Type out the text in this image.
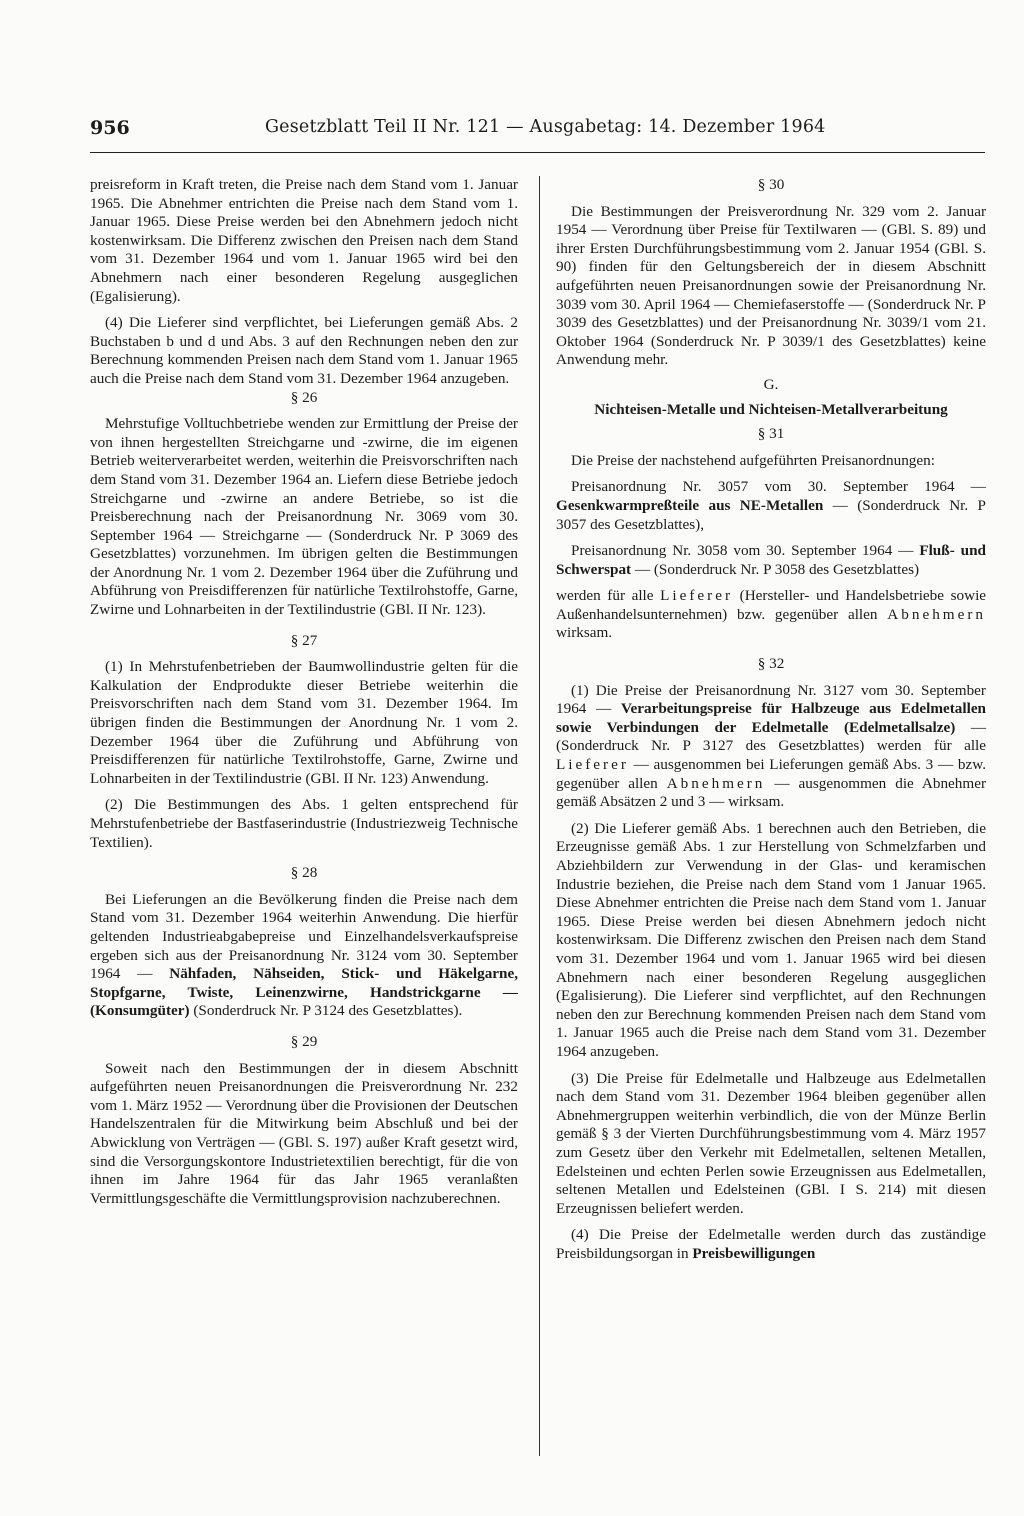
956	Gesetzblatt Teil II Nr. 121 — Ausgabetag: 14. Dezember 1964

preisreform in Kraft treten, die Preise nach dem Stand vom 1. Januar 1965. Die Abnehmer entrichten die Preise nach dem Stand vom 1. Januar 1965. Diese Preise werden bei den Abnehmern jedoch nicht kostenwirksam. Die Differenz zwischen den Preisen nach dem Stand vom 31. Dezember 1964 und vom 1. Januar 1965 wird bei den Abnehmern nach einer besonderen Regelung ausgeglichen (Egalisierung).

(4) Die Lieferer sind verpflichtet, bei Lieferungen gemäß Abs. 2 Buchstaben b und d und Abs. 3 auf den Rechnungen neben den zur Berechnung kommenden Preisen nach dem Stand vom 1. Januar 1965 auch die Preise nach dem Stand vom 31. Dezember 1964 anzugeben.

§ 26

Mehrstufige Volltuchbetriebe wenden zur Ermittlung der Preise der von ihnen hergestellten Streichgarne und -zwirne, die im eigenen Betrieb weiterverarbeitet werden, weiterhin die Preisvorschriften nach dem Stand vom 31. Dezember 1964 an. Liefern diese Betriebe jedoch Streichgarne und -zwirne an andere Betriebe, so ist die Preisberechnung nach der Preisanordnung Nr. 3069 vom 30. September 1964 — Streichgarne — (Sonderdruck Nr. P 3069 des Gesetzblattes) vorzunehmen. Im übrigen gelten die Bestimmungen der Anordnung Nr. 1 vom 2. Dezember 1964 über die Zuführung und Abführung von Preisdifferenzen für natürliche Textilrohstoffe, Garne, Zwirne und Lohnarbeiten in der Textilindustrie (GBl. II Nr. 123).

§ 27

(1) In Mehrstufenbetrieben der Baumwollindustrie gelten für die Kalkulation der Endprodukte dieser Betriebe weiterhin die Preisvorschriften nach dem Stand vom 31. Dezember 1964. Im übrigen finden die Bestimmungen der Anordnung Nr. 1 vom 2. Dezember 1964 über die Zuführung und Abführung von Preisdifferenzen für natürliche Textilrohstoffe, Garne, Zwirne und Lohnarbeiten in der Textilindustrie (GBl. II Nr. 123) Anwendung.

(2) Die Bestimmungen des Abs. 1 gelten entsprechend für Mehrstufenbetriebe der Bastfaserindustrie (Industriezweig Technische Textilien).

§ 28

Bei Lieferungen an die Bevölkerung finden die Preise nach dem Stand vom 31. Dezember 1964 weiterhin Anwendung. Die hierfür geltenden Industrieabgabepreise und Einzelhandelsverkaufspreise ergeben sich aus der Preisanordnung Nr. 3124 vom 30. September 1964 — Nähfaden, Nähseiden, Stick- und Häkelgarne, Stopfgarne, Twiste, Leinenzwirne, Handstrickgarne — (Konsumgüter) (Sonderdruck Nr. P 3124 des Gesetzblattes).

§ 29

Soweit nach den Bestimmungen der in diesem Abschnitt aufgeführten neuen Preisanordnungen die Preisverordnung Nr. 232 vom 1. März 1952 — Verordnung über die Provisionen der Deutschen Handelszentralen für die Mitwirkung beim Abschluß und bei der Abwicklung von Verträgen — (GBl. S. 197) außer Kraft gesetzt wird, sind die Versorgungskontore Industrietextilien berechtigt, für die von ihnen im Jahre 1964 für das Jahr 1965 veranlaßten Vermittlungsgeschäfte die Vermittlungsprovision nachzuberechnen.

§ 30

Die Bestimmungen der Preisverordnung Nr. 329 vom 2. Januar 1954 — Verordnung über Preise für Textilwaren — (GBl. S. 89) und ihrer Ersten Durchführungsbestimmung vom 2. Januar 1954 (GBl. S. 90) finden für den Geltungsbereich der in diesem Abschnitt aufgeführten neuen Preisanordnungen sowie der Preisanordnung Nr. 3039 vom 30. April 1964 — Chemiefaserstoffe — (Sonderdruck Nr. P 3039 des Gesetzblattes) und der Preisanordnung Nr. 3039/1 vom 21. Oktober 1964 (Sonderdruck Nr. P 3039/1 des Gesetzblattes) keine Anwendung mehr.

G.
Nichteisen-Metalle und Nichteisen-Metallverarbeitung
§ 31

Die Preise der nachstehend aufgeführten Preisanordnungen:

Preisanordnung Nr. 3057 vom 30. September 1964 — Gesenkwarmpreßteile aus NE-Metallen — (Sonderdruck Nr. P 3057 des Gesetzblattes),

Preisanordnung Nr. 3058 vom 30. September 1964 — Fluß- und Schwerspat — (Sonderdruck Nr. P 3058 des Gesetzblattes)

werden für alle Lieferer (Hersteller- und Handelsbetriebe sowie Außenhandelsunternehmen) bzw. gegenüber allen Abnehmern wirksam.

§ 32

(1) Die Preise der Preisanordnung Nr. 3127 vom 30. September 1964 — Verarbeitungspreise für Halbzeuge aus Edelmetallen sowie Verbindungen der Edelmetalle (Edelmetallsalze) — (Sonderdruck Nr. P 3127 des Gesetzblattes) werden für alle Lieferer — ausgenommen bei Lieferungen gemäß Abs. 3 — bzw. gegenüber allen Abnehmern — ausgenommen die Abnehmer gemäß Absätzen 2 und 3 — wirksam.

(2) Die Lieferer gemäß Abs. 1 berechnen auch den Betrieben, die Erzeugnisse gemäß Abs. 1 zur Herstellung von Schmelzfarben und Abziehbildern zur Verwendung in der Glas- und keramischen Industrie beziehen, die Preise nach dem Stand vom 1 Januar 1965. Diese Abnehmer entrichten die Preise nach dem Stand vom 1. Januar 1965. Diese Preise werden bei diesen Abnehmern jedoch nicht kostenwirksam. Die Differenz zwischen den Preisen nach dem Stand vom 31. Dezember 1964 und vom 1. Januar 1965 wird bei diesen Abnehmern nach einer besonderen Regelung ausgeglichen (Egalisierung). Die Lieferer sind verpflichtet, auf den Rechnungen neben den zur Berechnung kommenden Preisen nach dem Stand vom 1. Januar 1965 auch die Preise nach dem Stand vom 31. Dezember 1964 anzugeben.

(3) Die Preise für Edelmetalle und Halbzeuge aus Edelmetallen nach dem Stand vom 31. Dezember 1964 bleiben gegenüber allen Abnehmergruppen weiterhin verbindlich, die von der Münze Berlin gemäß § 3 der Vierten Durchführungsbestimmung vom 4. März 1957 zum Gesetz über den Verkehr mit Edelmetallen, seltenen Metallen, Edelsteinen und echten Perlen sowie Erzeugnissen aus Edelmetallen, seltenen Metallen und Edelsteinen (GBl. I S. 214) mit diesen Erzeugnissen beliefert werden.

(4) Die Preise der Edelmetalle werden durch das zuständige Preisbildungsorgan in Preisbewilligungen
